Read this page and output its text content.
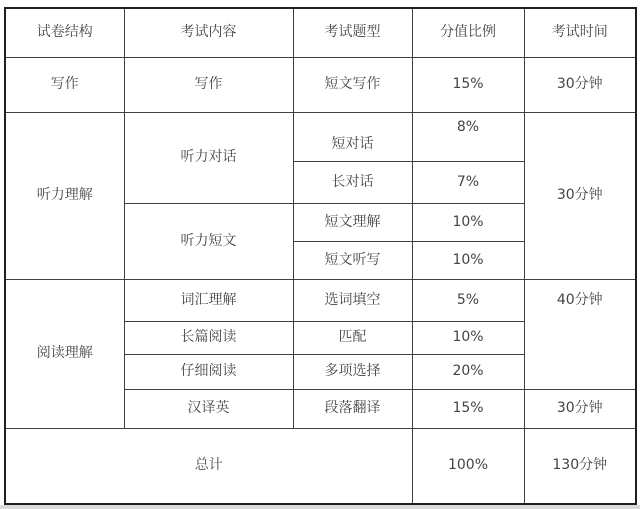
试卷结构	考试内容	考试题型	分值比例	考试时间
写作	写作	短文写作	15%	30分钟
听力理解	听力对话	短对话	8%	30分钟
		长对话	7%	
	听力短文	短文理解	10%	
		短文听写	10%	
阅读理解	词汇理解	选词填空	5%	40分钟
	长篇阅读	匹配	10%	
	仔细阅读	多项选择	20%	
	汉译英	段落翻译	15%	30分钟
总计			100%	130分钟
